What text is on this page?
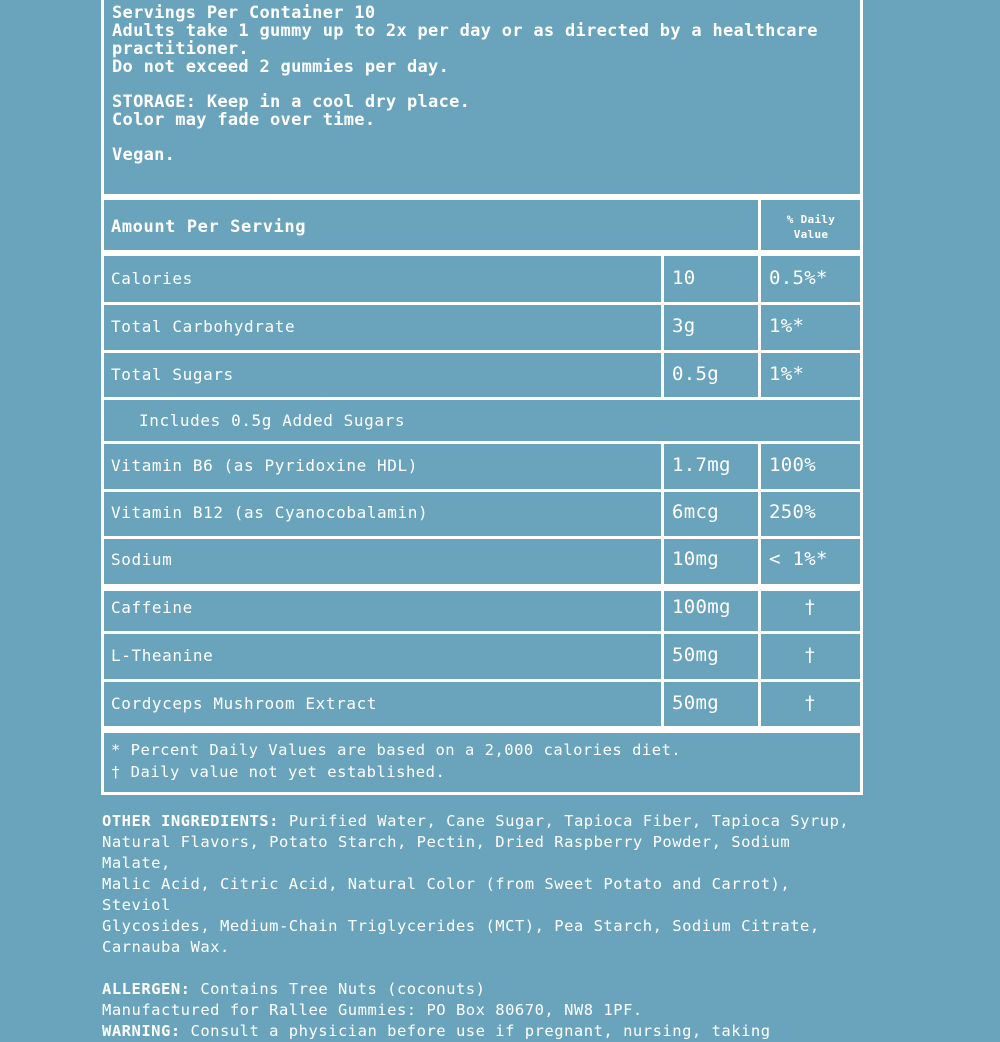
Servings Per Container 10
Adults take 1 gummy up to 2x per day or as directed by a healthcare
practitioner.
Do not exceed 2 gummies per day.
STORAGE: Keep in a cool dry place.
Color may fade over time.
Vegan.
Amount Per Serving	% Daily
Value
Calories	10	0.5%*
Total Carbohydrate	3g	1%*
Total Sugars	0.5g	1%*
Includes 0.5g Added Sugars
Vitamin B6 (as Pyridoxine HDL)	1.7mg 100%
Vitamin B12 (as Cyanocobalamin)	6mcg	250%
Sodium	10mg	< 1%*
Caffeine	100mg	†
L-Theanine	50mg	†
Cordyceps Mushroom Extract	50mg	†
* Percent Daily Values are based on a 2,000 calories diet.
† Daily value not yet established.
OTHER INGREDIENTS: Purified Water, Cane Sugar, Tapioca Fiber, Tapioca Syrup,
Natural Flavors, Potato Starch, Pectin, Dried Raspberry Powder, Sodium Malate,
Malic Acid, Citric Acid, Natural Color (from Sweet Potato and Carrot), Steviol
Glycosides, Medium-Chain Triglycerides (MCT), Pea Starch, Sodium Citrate,
Carnauba Wax.
ALLERGEN: Contains Tree Nuts (coconuts)
Manufactured for Rallee Gummies: PO Box 80670, NW8 1PF.
WARNING: Consult a physician before use if pregnant, nursing, taking
